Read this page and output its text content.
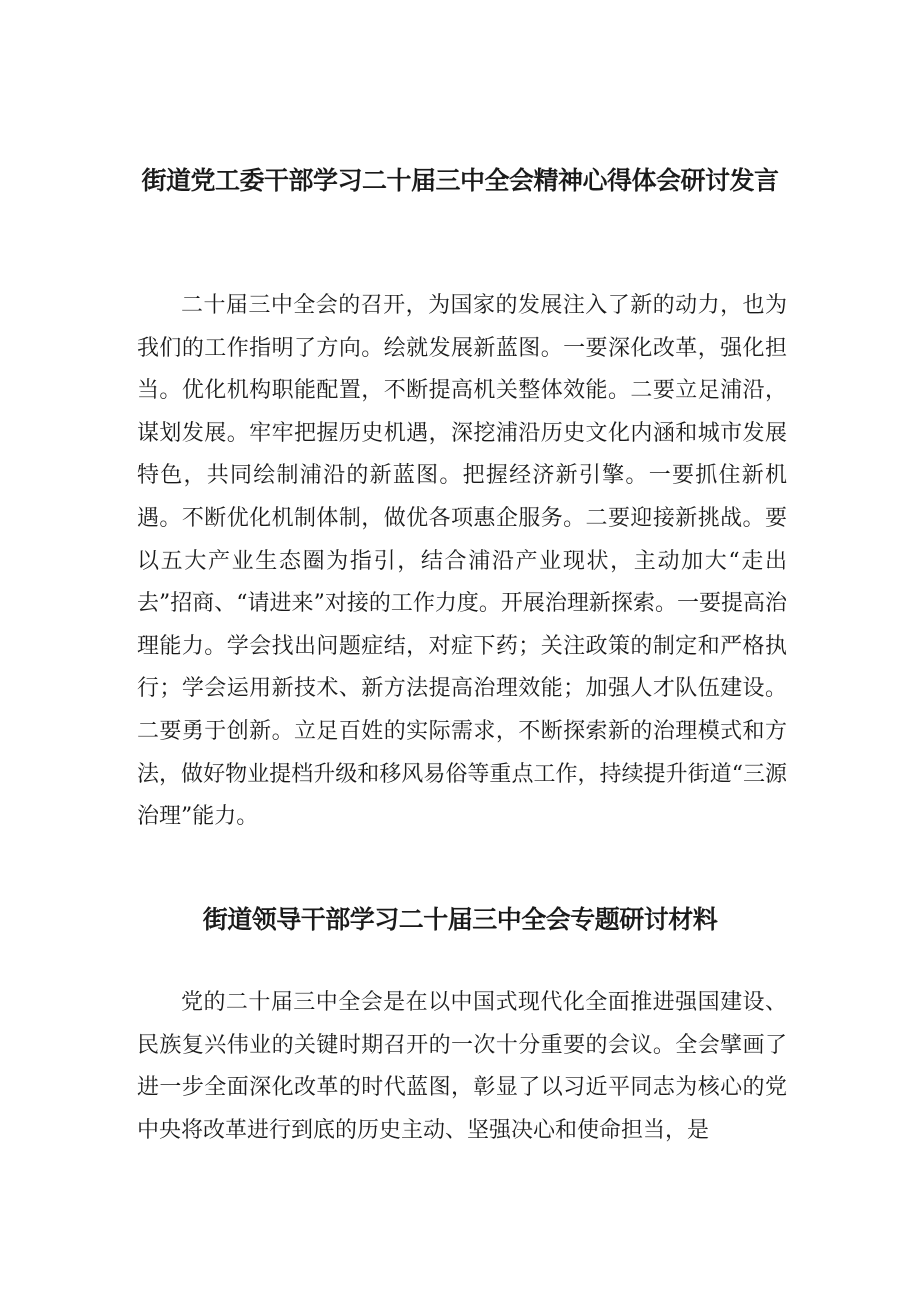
街道党工委干部学习二十届三中全会精神心得体会研讨发言

二十届三中全会的召开，为国家的发展注入了新的动力，也为我们的工作指明了方向。绘就发展新蓝图。一要深化改革，强化担当。优化机构职能配置，不断提高机关整体效能。二要立足浦沿，谋划发展。牢牢把握历史机遇，深挖浦沿历史文化内涵和城市发展特色，共同绘制浦沿的新蓝图。把握经济新引擎。一要抓住新机遇。不断优化机制体制，做优各项惠企服务。二要迎接新挑战。要以五大产业生态圈为指引，结合浦沿产业现状，主动加大“走出去”招商、“请进来”对接的工作力度。开展治理新探索。一要提高治理能力。学会找出问题症结，对症下药；关注政策的制定和严格执行；学会运用新技术、新方法提高治理效能；加强人才队伍建设。二要勇于创新。立足百姓的实际需求，不断探索新的治理模式和方法，做好物业提档升级和移风易俗等重点工作，持续提升街道“三源治理”能力。

街道领导干部学习二十届三中全会专题研讨材料

党的二十届三中全会是在以中国式现代化全面推进强国建设、民族复兴伟业的关键时期召开的一次十分重要的会议。全会擘画了进一步全面深化改革的时代蓝图，彰显了以习近平同志为核心的党中央将改革进行到底的历史主动、坚强决心和使命担当，是
